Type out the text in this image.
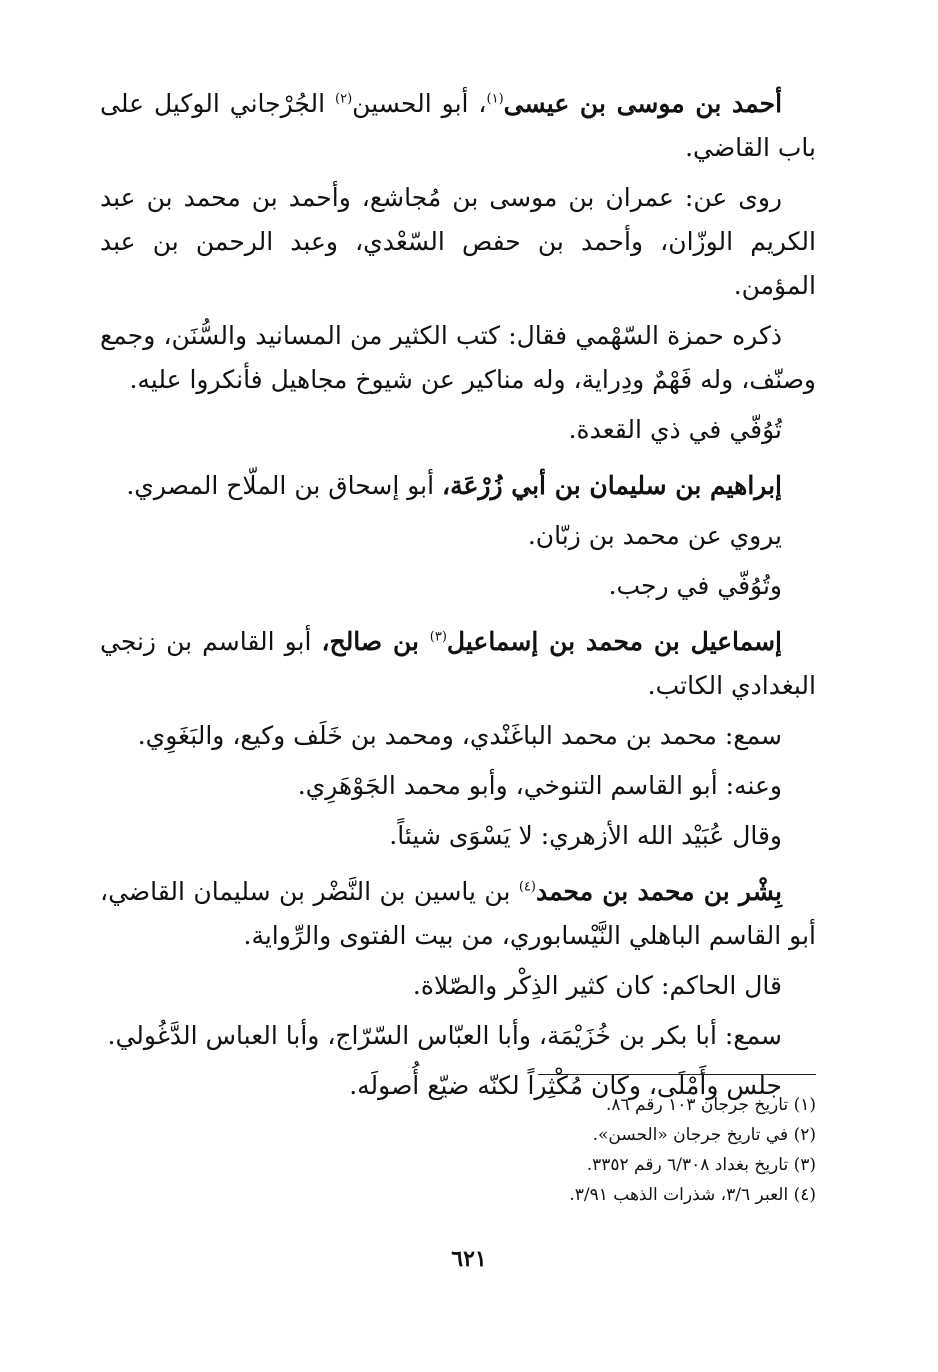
أحمد بن موسى بن عيسى$^{(١)}$، أبو الحسين$^{(٢)}$ الجُرْجاني الوكيل على باب القاضي.

روى عن: عمران بن موسى بن مُجاشع، وأحمد بن محمد بن عبد الكريم الوزّان، وأحمد بن حفص السّعْدي، وعبد الرحمن بن عبد المؤمن.

ذكره حمزة السّهْمي فقال: كتب الكثير من المسانيد والسُّنَن، وجمع وصنّف، وله فَهْمٌ ودِراية، وله مناكير عن شيوخ مجاهيل فأنكروا عليه.

تُوُفّي في ذي القعدة.

إبراهيم بن سليمان بن أبي زُرْعَة، أبو إسحاق بن الملّاح المصري.

يروي عن محمد بن زبّان.

وتُوُفّي في رجب.

إسماعيل بن محمد بن إسماعيل$^{(٣)}$ بن صالح، أبو القاسم بن زنجي البغدادي الكاتب.

سمع: محمد بن محمد الباغَنْدي، ومحمد بن خَلَف وكيع، والبَغَوِي.

وعنه: أبو القاسم التنوخي، وأبو محمد الجَوْهَرِي.

وقال عُبَيْد الله الأزهري: لا يَسْوَى شيئاً.

بِشْر بن محمد بن محمد$^{(٤)}$ بن ياسين بن النَّضْر بن سليمان القاضي، أبو القاسم الباهلي النَّيْسابوري، من بيت الفتوى والرِّواية.

قال الحاكم: كان كثير الذِكْر والصّلاة.

سمع: أبا بكر بن خُزَيْمَة، وأبا العبّاس السّرّاج، وأبا العباس الدَّغُولي.

جلس وأَمْلَى، وكان مُكْثِراً لكنّه ضيّع أُصولَه.

(١) تاريخ جرجان ١٠٣ رقم ٨٦.
(٢) في تاريخ جرجان «الحسن».
(٣) تاريخ بغداد ٦/٣٠٨ رقم ٣٣٥٢.
(٤) العبر ٣/٦، شذرات الذهب ٣/٩١.
٦٢١
